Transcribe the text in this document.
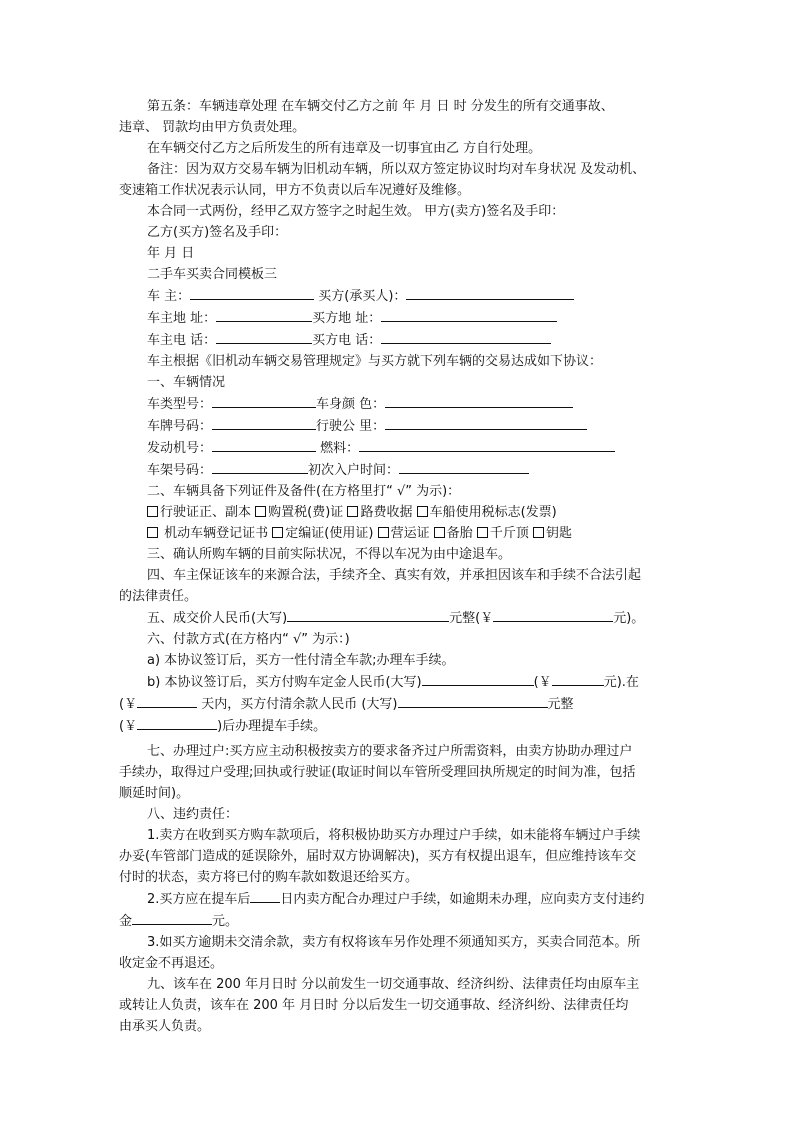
第五条：车辆违章处理 在车辆交付乙方之前 年 月 日 时 分发生的所有交通事故、
违章、 罚款均由甲方负责处理。
在车辆交付乙方之后所发生的所有违章及一切事宜由乙 方自行处理。
备注：因为双方交易车辆为旧机动车辆，所以双方签定协议时均对车身状况 及发动机、
变速箱工作状况表示认同，甲方不负责以后车况遵好及维修。
本合同一式两份，经甲乙双方签字之时起生效。 甲方(卖方)签名及手印：
乙方(买方)签名及手印：
年 月 日
二手车买卖合同模板三
车 主：	买方(承买人)：
车主地 址：	买方地 址：
车主电 话：	买方电 话：
车主根据《旧机动车辆交易管理规定》与买方就下列车辆的交易达成如下协议：
一、车辆情况
车类型号：	车身颜 色：
车牌号码：	行驶公 里：
发动机号：	燃料：
车架号码：	初次入户时间：
二、车辆具备下列证件及备件(在方格里打“ √” 为示)：
行驶证正、副本 购置税(费)证 路费收据 车船使用税标志(发票)
机动车辆登记证书 定编证(使用证) 营运证 备胎 千斤顶 钥匙
三、确认所购车辆的目前实际状况，不得以车况为由中途退车。
四、车主保证该车的来源合法，手续齐全、真实有效，并承担因该车和手续不合法引起
的法律责任。
五、成交价人民币(大写)	元整(￥	元)。
六、付款方式(在方格内“ √” 为示：)
a) 本协议签订后，买方一性付清全车款;办理车手续。
b) 本协议签订后，买方付购车定金人民币(大写)	(￥	元).在
(￥	天内，买方付清余款人民币 (大写)	元整
(￥	)后办理提车手续。
七、办理过户:买方应主动积极按卖方的要求备齐过户所需资料，由卖方协助办理过户
手续办，取得过户受理;回执或行驶证(取证时间以车管所受理回执所规定的时间为准，包括
顺延时间)。
八、违约责任：
1.卖方在收到买方购车款项后，将积极协助买方办理过户手续，如未能将车辆过户手续
办妥(车管部门造成的延误除外，届时双方协调解决)，买方有权提出退车，但应维持该车交
付时的状态，卖方将已付的购车款如数退还给买方。
2.买方应在提车后 日内卖方配合办理过户手续，如逾期未办理，应向卖方支付违约
金	元。
3.如买方逾期未交清余款，卖方有权将该车另作处理不须通知买方，买卖合同范本。所
收定金不再退还。
九、该车在 200 年月日时 分以前发生一切交通事故、经济纠纷、法律责任均由原车主
或转让人负责，该车在 200 年 月日时 分以后发生一切交通事故、经济纠纷、法律责任均
由承买人负责。
